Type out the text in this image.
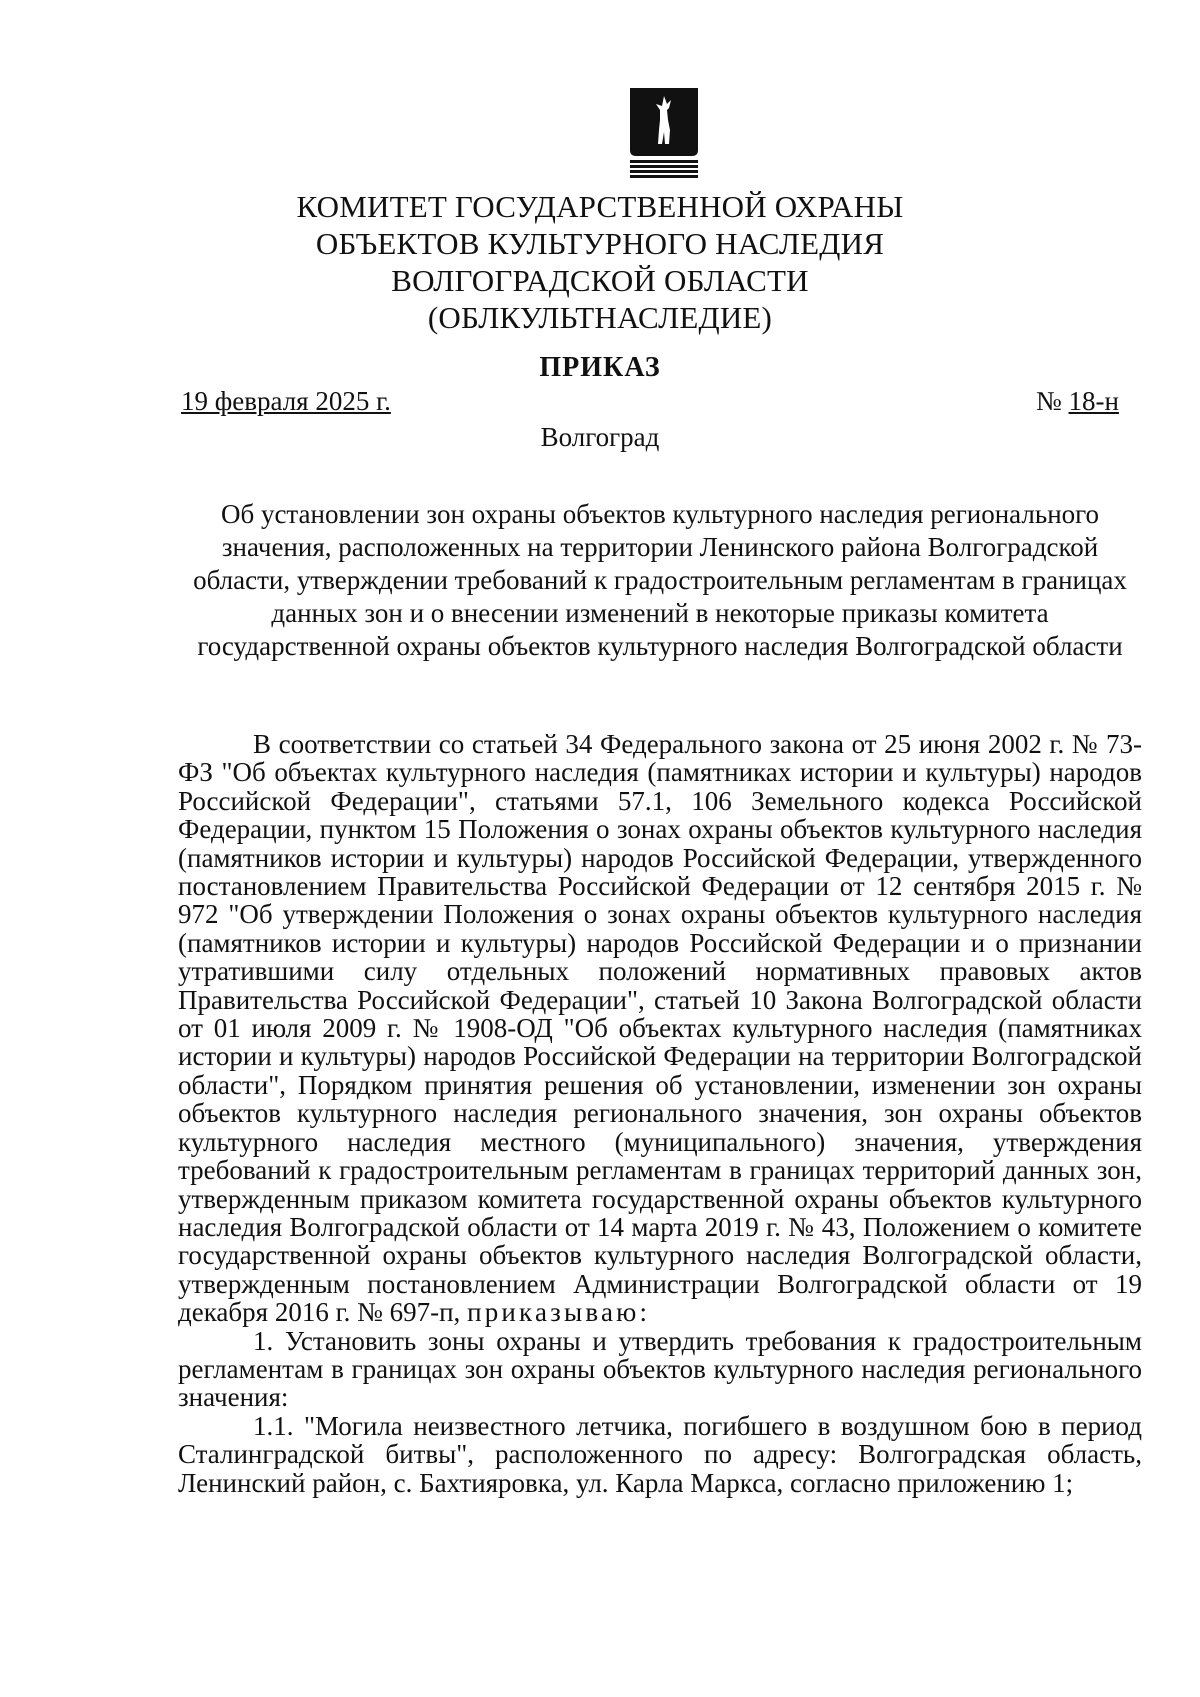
КОМИТЕТ ГОСУДАРСТВЕННОЙ ОХРАНЫ
ОБЪЕКТОВ КУЛЬТУРНОГО НАСЛЕДИЯ
ВОЛГОГРАДСКОЙ ОБЛАСТИ
(ОБЛКУЛЬТНАСЛЕДИЕ)
ПРИКАЗ
19 февраля 2025 г.	№ 18-н
Волгоград
Об установлении зон охраны объектов культурного наследия регионального значения, расположенных на территории Ленинского района Волгоградской области, утверждении требований к градостроительным регламентам в границах данных зон и о внесении изменений в некоторые приказы комитета государственной охраны объектов культурного наследия Волгоградской области

В соответствии со статьей 34 Федерального закона от 25 июня 2002 г. № 73-ФЗ "Об объектах культурного наследия (памятниках истории и культуры) народов Российской Федерации", статьями 57.1, 106 Земельного кодекса Российской Федерации, пунктом 15 Положения о зонах охраны объектов культурного наследия (памятников истории и культуры) народов Российской Федерации, утвержденного постановлением Правительства Российской Федерации от 12 сентября 2015 г. № 972 "Об утверждении Положения о зонах охраны объектов культурного наследия (памятников истории и культуры) народов Российской Федерации и о признании утратившими силу отдельных положений нормативных правовых актов Правительства Российской Федерации", статьей 10 Закона Волгоградской области от 01 июля 2009 г. № 1908-ОД "Об объектах культурного наследия (памятниках истории и культуры) народов Российской Федерации на территории Волгоградской области", Порядком принятия решения об установлении, изменении зон охраны объектов культурного наследия регионального значения, зон охраны объектов культурного наследия местного (муниципального) значения, утверждения требований к градостроительным регламентам в границах территорий данных зон, утвержденным приказом комитета государственной охраны объектов культурного наследия Волгоградской области от 14 марта 2019 г. № 43, Положением о комитете государственной охраны объектов культурного наследия Волгоградской области, утвержденным постановлением Администрации Волгоградской области от 19 декабря 2016 г. № 697-п, приказываю:

1. Установить зоны охраны и утвердить требования к градостроительным регламентам в границах зон охраны объектов культурного наследия регионального значения:

1.1. "Могила неизвестного летчика, погибшего в воздушном бою в период Сталинградской битвы", расположенного по адресу: Волгоградская область, Ленинский район, с. Бахтияровка, ул. Карла Маркса, согласно приложению 1;
